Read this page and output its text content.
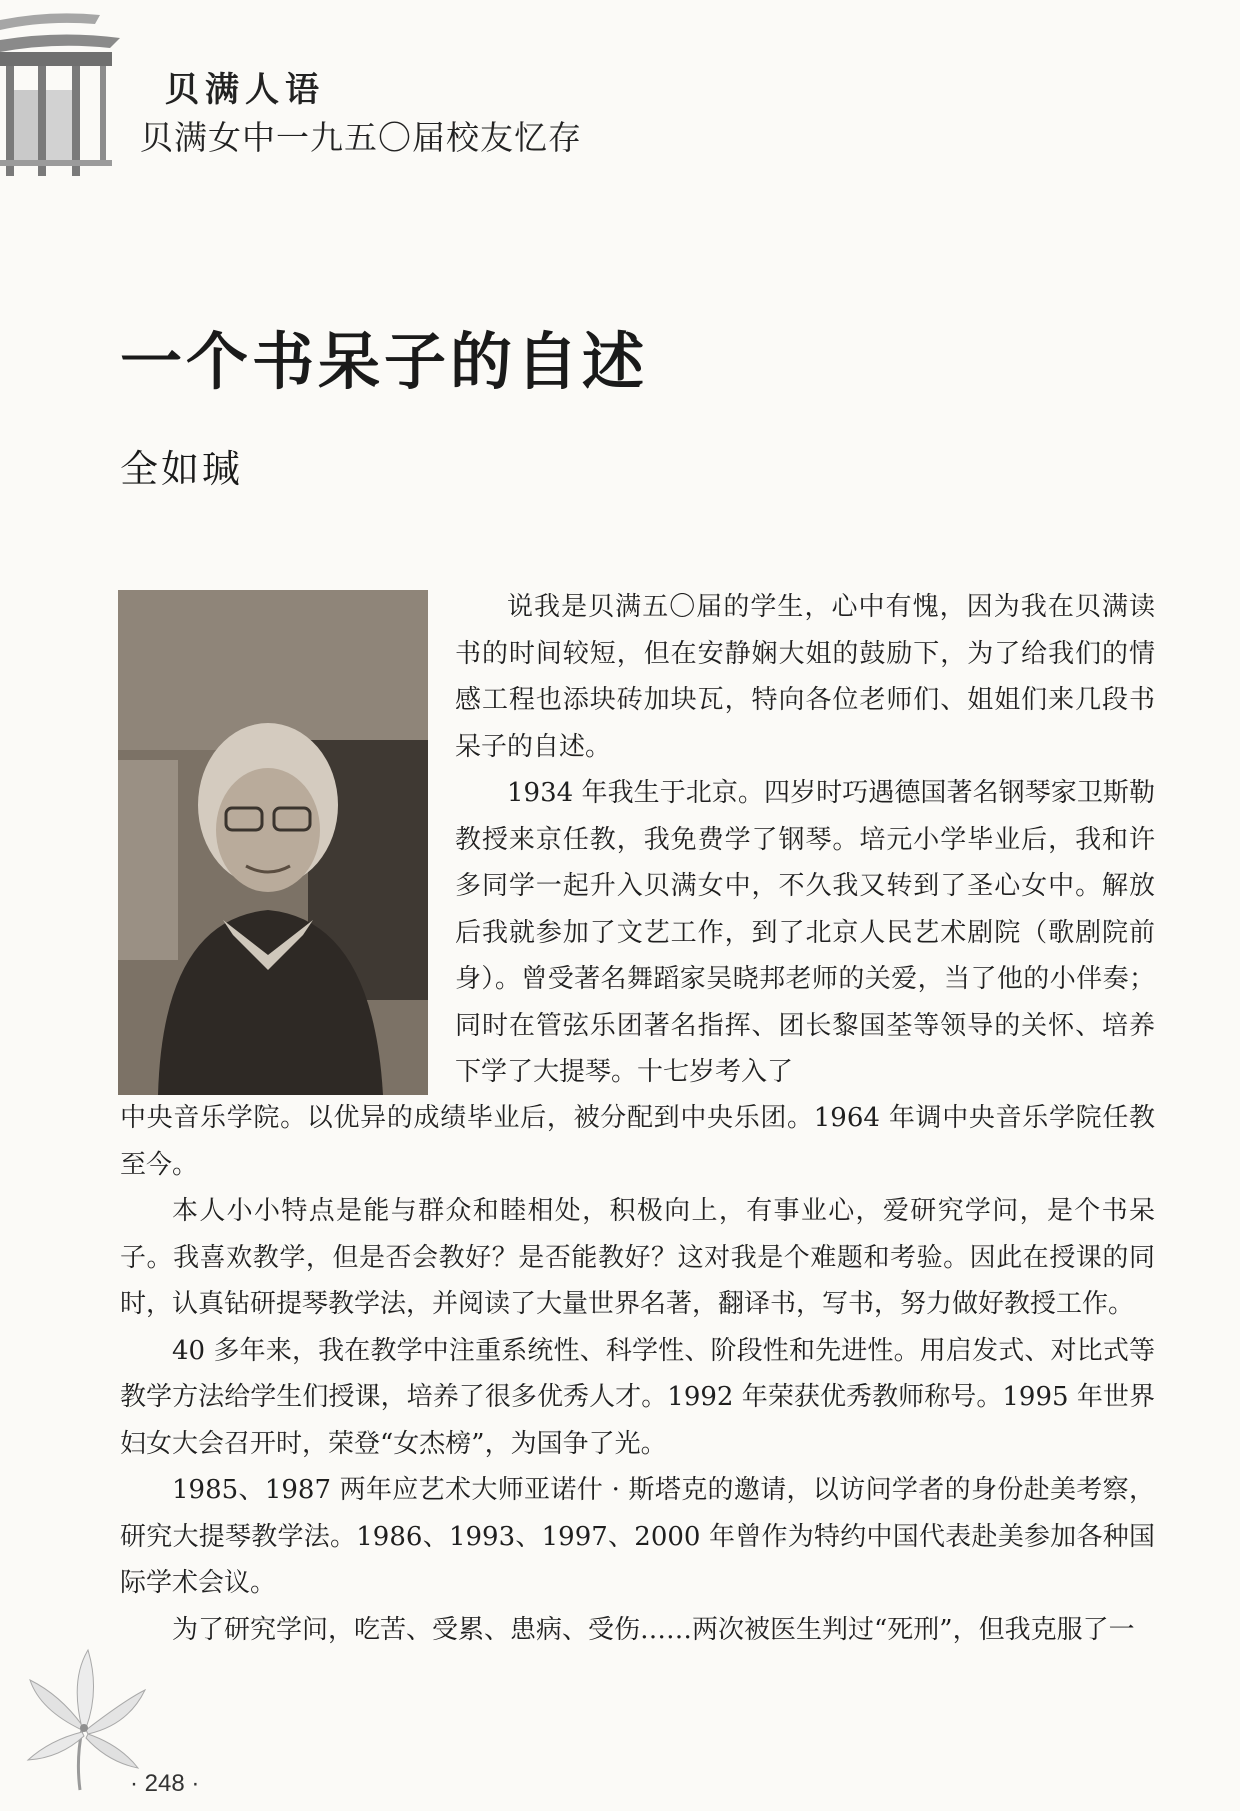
贝满人语
贝满女中一九五〇届校友忆存
一个书呆子的自述
全如瑊

说我是贝满五〇届的学生，心中有愧，因为我在贝满读书的时间较短，但在安静娴大姐的鼓励下，为了给我们的情感工程也添块砖加块瓦，特向各位老师们、姐姐们来几段书呆子的自述。

1934 年我生于北京。四岁时巧遇德国著名钢琴家卫斯勒教授来京任教，我免费学了钢琴。培元小学毕业后，我和许多同学一起升入贝满女中，不久我又转到了圣心女中。解放后我就参加了文艺工作，到了北京人民艺术剧院（歌剧院前身）。曾受著名舞蹈家吴晓邦老师的关爱，当了他的小伴奏；同时在管弦乐团著名指挥、团长黎国荃等领导的关怀、培养下学了大提琴。十七岁考入了

中央音乐学院。以优异的成绩毕业后，被分配到中央乐团。1964 年调中央音乐学院任教至今。

本人小小特点是能与群众和睦相处，积极向上，有事业心，爱研究学问，是个书呆子。我喜欢教学，但是否会教好？是否能教好？这对我是个难题和考验。因此在授课的同时，认真钻研提琴教学法，并阅读了大量世界名著，翻译书，写书，努力做好教授工作。

40 多年来，我在教学中注重系统性、科学性、阶段性和先进性。用启发式、对比式等教学方法给学生们授课，培养了很多优秀人才。1992 年荣获优秀教师称号。1995 年世界妇女大会召开时，荣登“女杰榜”，为国争了光。

1985、1987 两年应艺术大师亚诺什 · 斯塔克的邀请，以访问学者的身份赴美考察，研究大提琴教学法。1986、1993、1997、2000 年曾作为特约中国代表赴美参加各种国际学术会议。

为了研究学问，吃苦、受累、患病、受伤……两次被医生判过“死刑”，但我克服了一

· 248 ·
